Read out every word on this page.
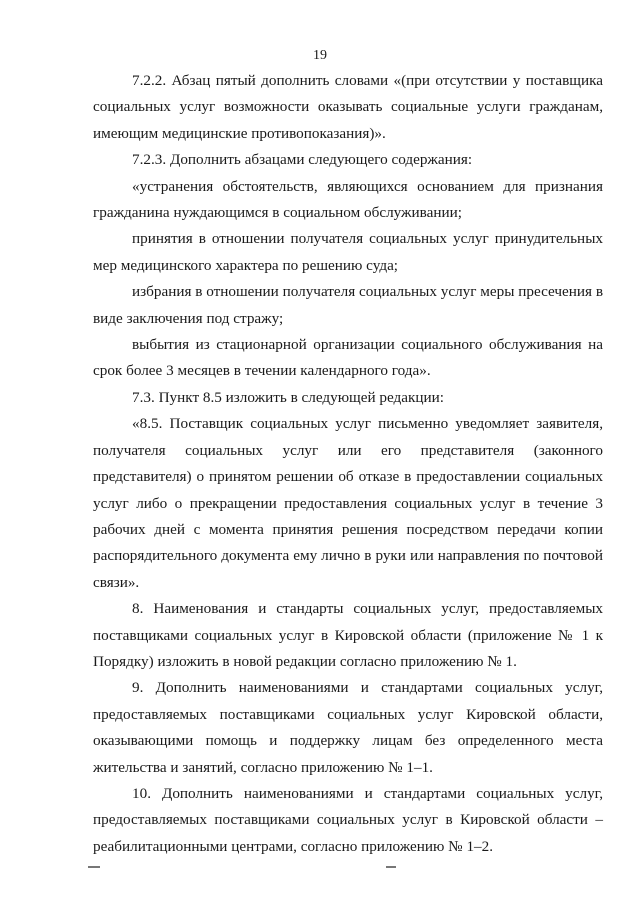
19

7.2.2. Абзац пятый дополнить словами «(при отсутствии у поставщика социальных услуг возможности оказывать социальные услуги гражданам, имеющим медицинские противопоказания)».

7.2.3. Дополнить абзацами следующего содержания:

«устранения обстоятельств, являющихся основанием для признания гражданина нуждающимся в социальном обслуживании;

принятия в отношении получателя социальных услуг принудительных мер медицинского характера по решению суда;

избрания в отношении получателя социальных услуг меры пресечения в виде заключения под стражу;

выбытия из стационарной организации социального обслуживания на срок более 3 месяцев в течении календарного года».

7.3. Пункт 8.5 изложить в следующей редакции:

«8.5. Поставщик социальных услуг письменно уведомляет заявителя, получателя социальных услуг или его представителя (законного представителя) о принятом решении об отказе в предоставлении социальных услуг либо о прекращении предоставления социальных услуг в течение 3 рабочих дней с момента принятия решения посредством передачи копии распорядительного документа ему лично в руки или направления по почтовой связи».

8. Наименования и стандарты социальных услуг, предоставляемых поставщиками социальных услуг в Кировской области (приложение № 1 к Порядку) изложить в новой редакции согласно приложению № 1.

9. Дополнить наименованиями и стандартами социальных услуг, предоставляемых поставщиками социальных услуг Кировской области, оказывающими помощь и поддержку лицам без определенного места жительства и занятий, согласно приложению № 1–1.

10. Дополнить наименованиями и стандартами социальных услуг, предоставляемых поставщиками социальных услуг в Кировской области – реабилитационными центрами, согласно приложению № 1–2.
